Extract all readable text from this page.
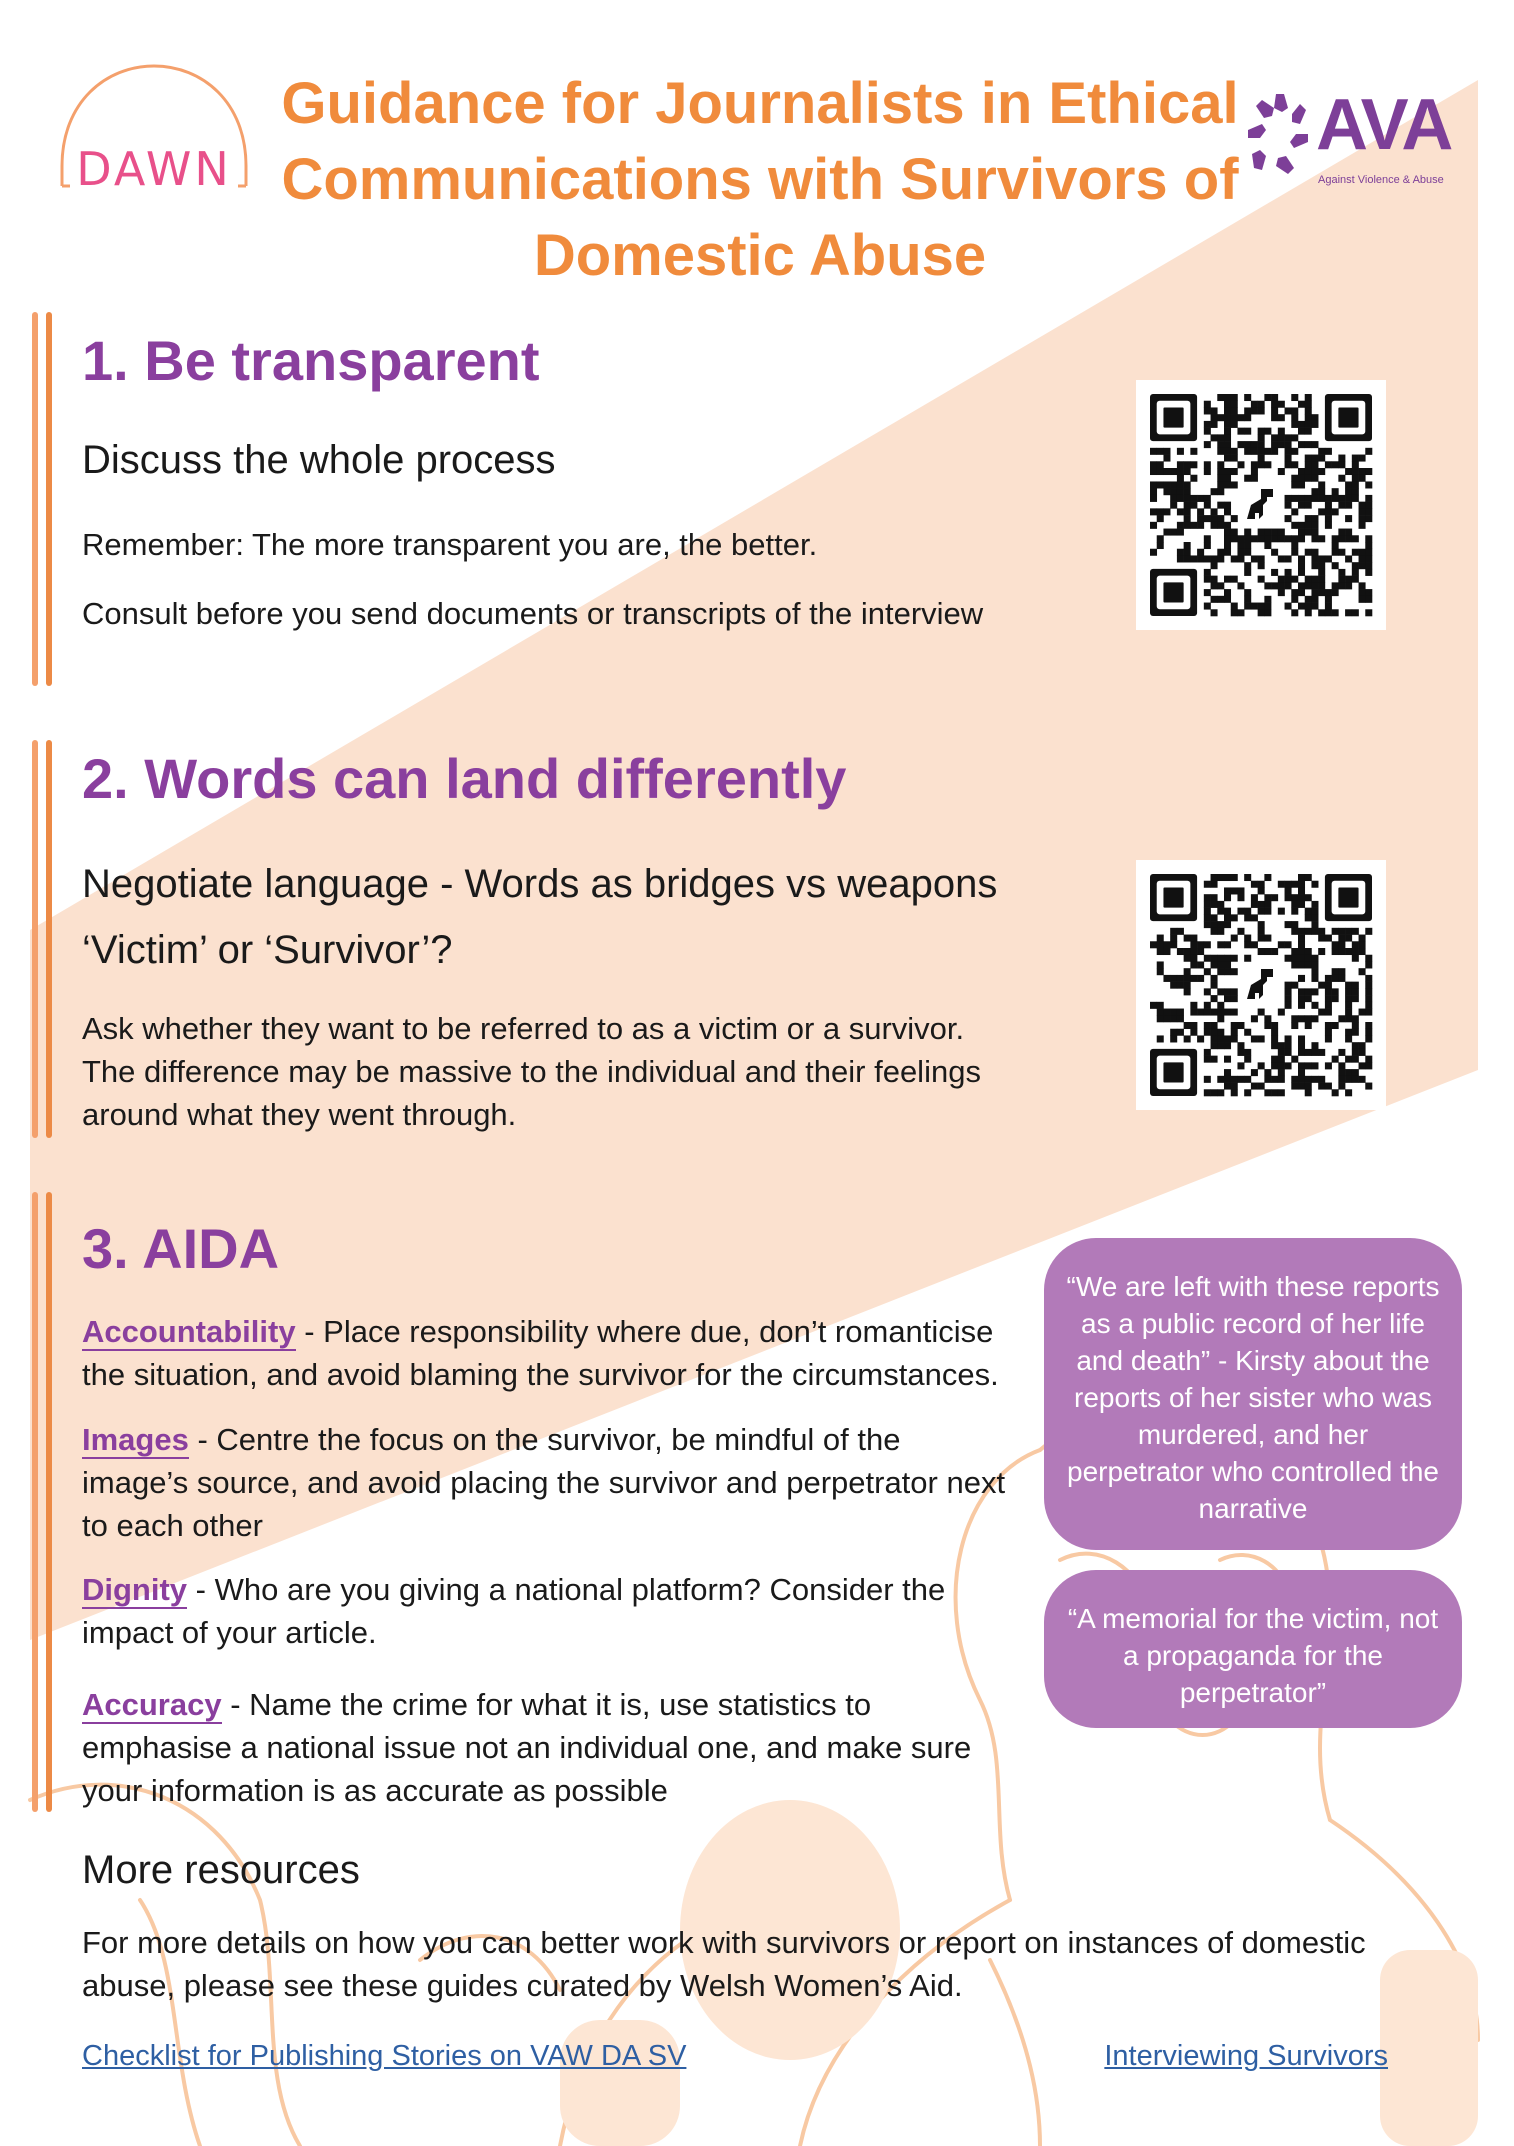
DAWN
Guidance for Journalists in Ethical
Communications with Survivors of
Domestic Abuse
AVA
Against Violence & Abuse
1. Be transparent
Discuss the whole process
Remember: The more transparent you are, the better.
Consult before you send documents or transcripts of the interview
2. Words can land differently
Negotiate language - Words as bridges vs weapons
‘Victim’ or ‘Survivor’?
Ask whether they want to be referred to as a victim or a survivor. The difference may be massive to the individual and their feelings around what they went through.
3. AIDA
Accountability - Place responsibility where due, don’t romanticise the situation, and avoid blaming the survivor for the circumstances.
Images - Centre the focus on the survivor, be mindful of the image’s source, and avoid placing the survivor and perpetrator next to each other
Dignity - Who are you giving a national platform? Consider the impact of your article.
Accuracy - Name the crime for what it is, use statistics to emphasise a national issue not an individual one, and make sure your information is as accurate as possible
“We are left with these reports as a public record of her life and death” - Kirsty about the reports of her sister who was murdered, and her perpetrator who controlled the narrative
“A memorial for the victim, not a propaganda for the perpetrator”
More resources
For more details on how you can better work with survivors or report on instances of domestic abuse, please see these guides curated by Welsh Women’s Aid.
Checklist for Publishing Stories on VAW DA SV	Interviewing Survivors
